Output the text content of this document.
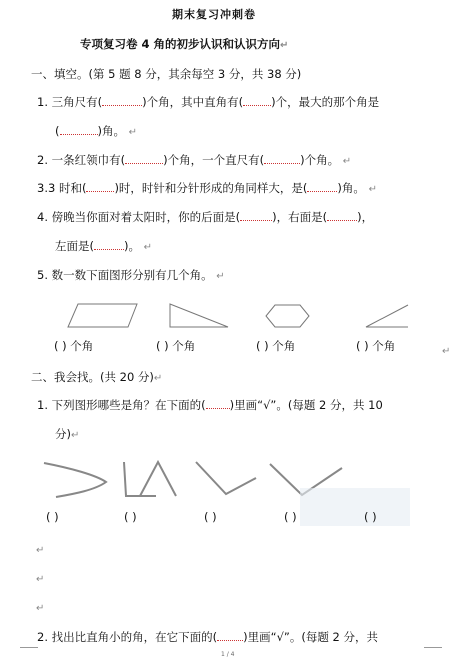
期末复习冲刺卷
专项复习卷 4 角的初步认识和认识方向↵
一、填空。(第 5 题 8 分，其余每空 3 分，共 38 分)
1. 三角尺有(	)个角，其中直角有( )个，最大的那个角是
(	)角。 ↵
2. 一条红领巾有(	)个角，一个直尺有(	)个角。 ↵
3.3 时和( )时，时针和分针形成的角同样大，是(	)角。 ↵
4. 傍晚当你面对着太阳时，你的后面是(	)，右面是(	)，
左面是(	)。 ↵
5. 数一数下面图形分别有几个角。 ↵
( ) 个角	( ) 个角	( ) 个角	( ) 个角	↵
二、我会找。(共 20 分)↵
1. 下列图形哪些是角？在下面的( )里画“√”。(每题 2 分，共 10
分)↵
( )	( )	( )	( )	( )
↵
↵
↵
2. 找出比直角小的角，在它下面的( )里画“√”。(每题 2 分，共
1 / 4
